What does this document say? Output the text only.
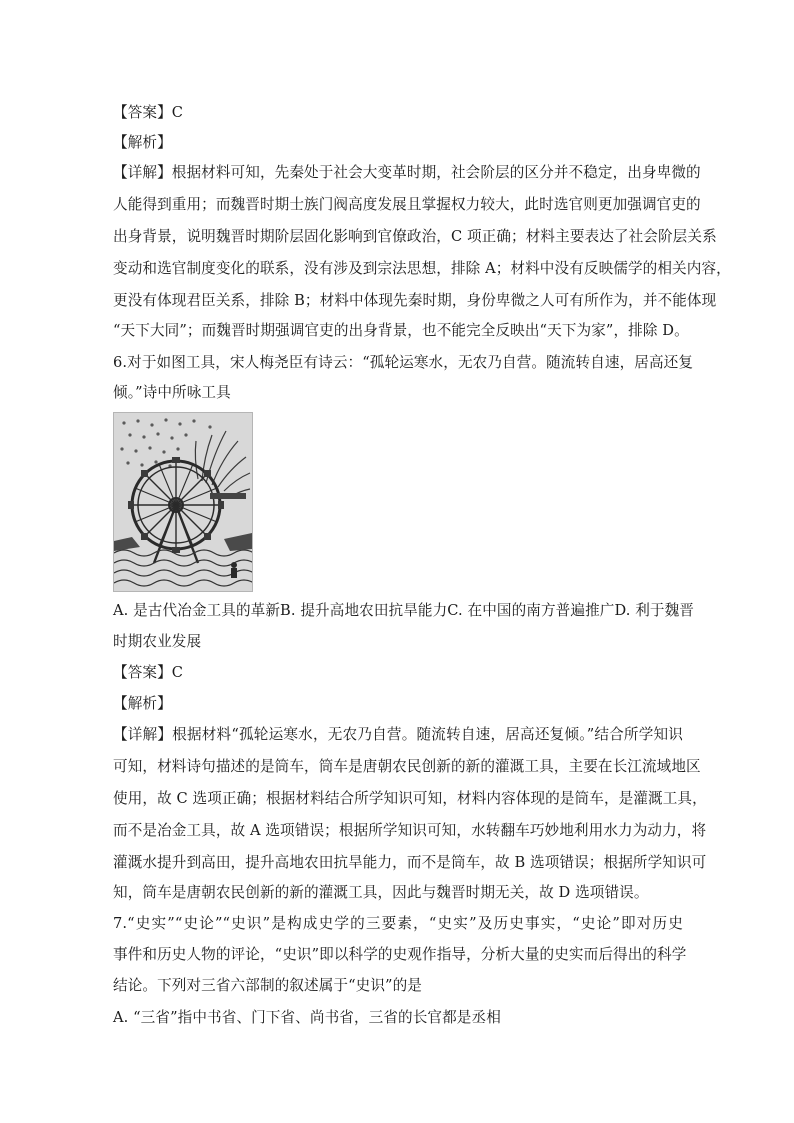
【答案】C
【解析】
【详解】根据材料可知，先秦处于社会大变革时期，社会阶层的区分并不稳定，出身卑微的
人能得到重用；而魏晋时期士族门阀高度发展且掌握权力较大，此时选官则更加强调官吏的
出身背景，说明魏晋时期阶层固化影响到官僚政治，C 项正确；材料主要表达了社会阶层关系
变动和选官制度变化的联系，没有涉及到宗法思想，排除 A；材料中没有反映儒学的相关内容，
更没有体现君臣关系，排除 B；材料中体现先秦时期，身份卑微之人可有所作为，并不能体现
“天下大同”；而魏晋时期强调官吏的出身背景，也不能完全反映出“天下为家”，排除 D。
6.对于如图工具，宋人梅尧臣有诗云：“孤轮运寒水，无农乃自营。随流转自速，居高还复
倾。”诗中所咏工具
A. 是古代冶金工具的革新B. 提升高地农田抗旱能力C. 在中国的南方普遍推广D. 利于魏晋
时期农业发展
【答案】C
【解析】
【详解】根据材料“孤轮运寒水，无农乃自营。随流转自速，居高还复倾。”结合所学知识
可知，材料诗句描述的是筒车，筒车是唐朝农民创新的新的灌溉工具，主要在长江流域地区
使用，故 C 选项正确；根据材料结合所学知识可知，材料内容体现的是筒车，是灌溉工具，
而不是冶金工具，故 A 选项错误；根据所学知识可知，水转翻车巧妙地利用水力为动力，将
灌溉水提升到高田，提升高地农田抗旱能力，而不是筒车，故 B 选项错误；根据所学知识可
知，筒车是唐朝农民创新的新的灌溉工具，因此与魏晋时期无关，故 D 选项错误。
7.“史实”“史论”“史识”是构成史学的三要素，“史实”及历史事实，“史论”即对历史
事件和历史人物的评论，“史识”即以科学的史观作指导，分析大量的史实而后得出的科学
结论。下列对三省六部制的叙述属于“史识”的是
A. “三省”指中书省、门下省、尚书省，三省的长官都是丞相
